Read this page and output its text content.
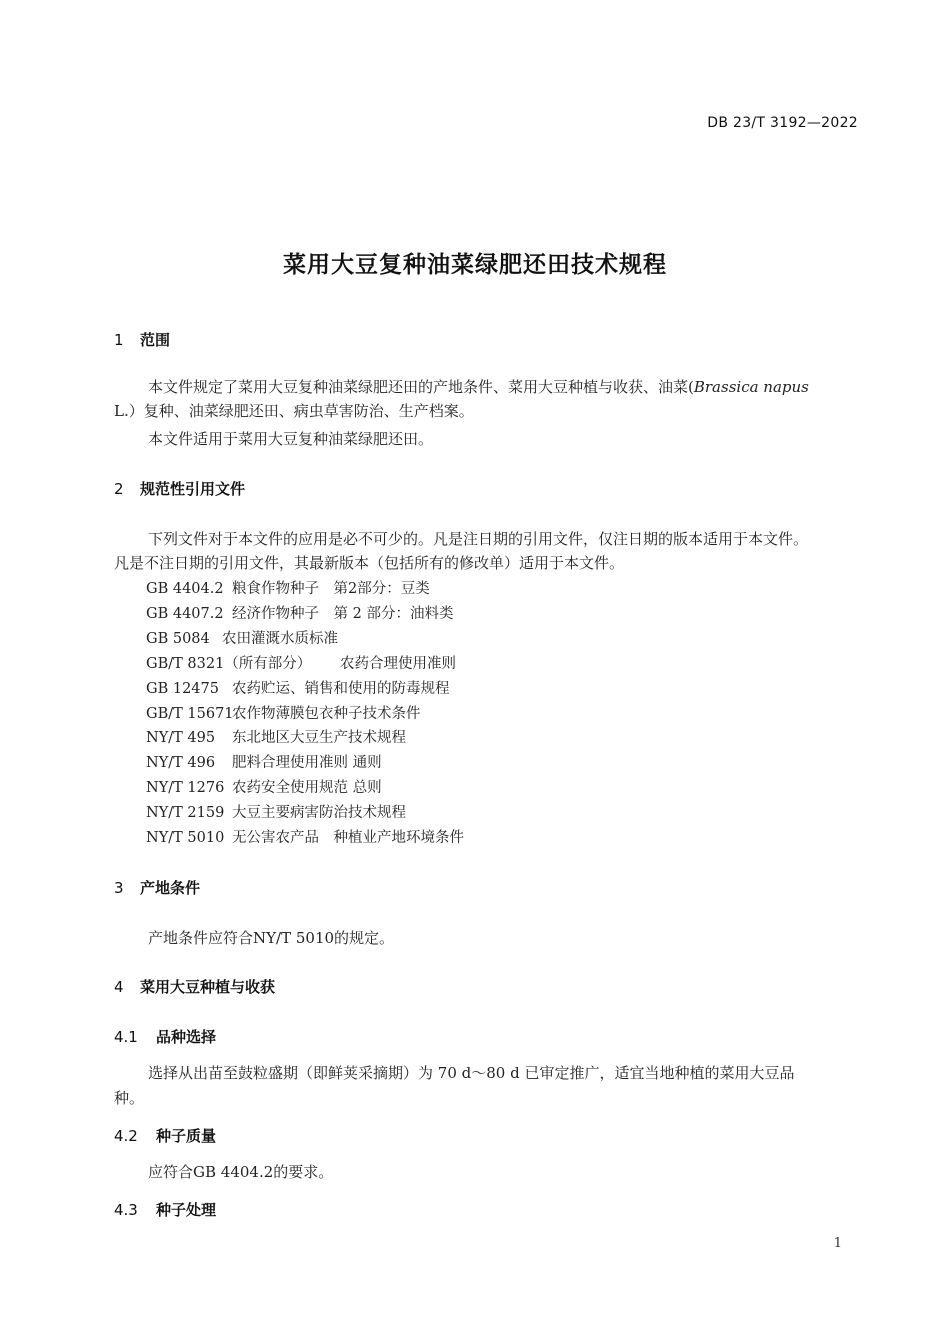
DB 23/T 3192—2022
菜用大豆复种油菜绿肥还田技术规程
1 范围
本文件规定了菜用大豆复种油菜绿肥还田的产地条件、菜用大豆种植与收获、油菜(Brassica napus
L.）复种、油菜绿肥还田、病虫草害防治、生产档案。
本文件适用于菜用大豆复种油菜绿肥还田。
2 规范性引用文件
下列文件对于本文件的应用是必不可少的。凡是注日期的引用文件，仅注日期的版本适用于本文件。
凡是不注日期的引用文件，其最新版本（包括所有的修改单）适用于本文件。
GB 4404.2 粮食作物种子　第2部分：豆类
GB 4407.2 经济作物种子　第 2 部分：油料类
GB 5084 农田灌溉水质标准
GB/T 8321（所有部分） 农药合理使用准则
GB 12475 农药贮运、销售和使用的防毒规程
GB/T 15671农作物薄膜包衣种子技术条件
NY/T 495 东北地区大豆生产技术规程
NY/T 496 肥料合理使用准则 通则
NY/T 1276 农药安全使用规范 总则
NY/T 2159 大豆主要病害防治技术规程
NY/T 5010 无公害农产品　种植业产地环境条件
3 产地条件
产地条件应符合NY/T 5010的规定。
4 菜用大豆种植与收获
4.1 品种选择
选择从出苗至鼓粒盛期（即鲜荚采摘期）为 70 d～80 d 已审定推广，适宜当地种植的菜用大豆品
种。
4.2 种子质量
应符合GB 4404.2的要求。
4.3 种子处理
1
